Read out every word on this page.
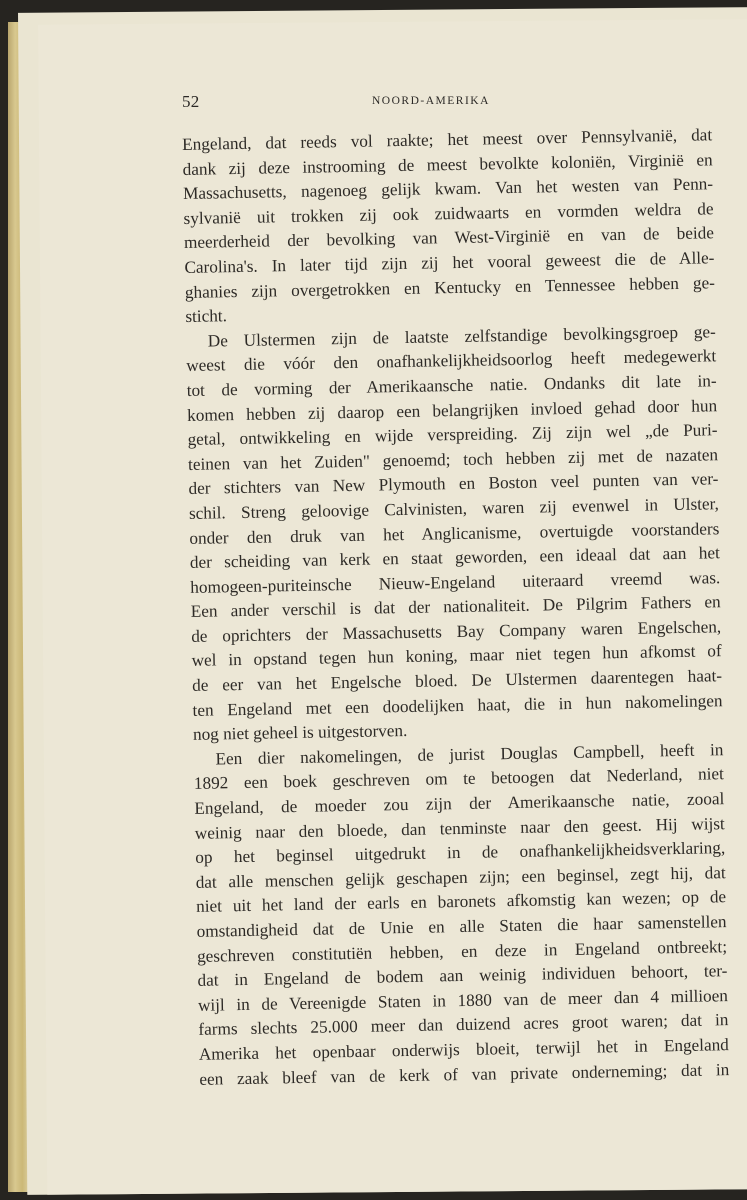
52	NOORD-AMERIKA
Engeland, dat reeds vol raakte; het meest over Pennsylvanië, dat
dank zij deze instrooming de meest bevolkte koloniën, Virginië en
Massachusetts, nagenoeg gelijk kwam. Van het westen van Penn-
sylvanië uit trokken zij ook zuidwaarts en vormden weldra de
meerderheid der bevolking van West-Virginië en van de beide
Carolina's. In later tijd zijn zij het vooral geweest die de Alle-
ghanies zijn overgetrokken en Kentucky en Tennessee hebben ge-
sticht.
De Ulstermen zijn de laatste zelfstandige bevolkingsgroep ge-
weest die vóór den onafhankelijkheidsoorlog heeft medegewerkt
tot de vorming der Amerikaansche natie. Ondanks dit late in-
komen hebben zij daarop een belangrijken invloed gehad door hun
getal, ontwikkeling en wijde verspreiding. Zij zijn wel „de Puri-
teinen van het Zuiden" genoemd; toch hebben zij met de nazaten
der stichters van New Plymouth en Boston veel punten van ver-
schil. Streng geloovige Calvinisten, waren zij evenwel in Ulster,
onder den druk van het Anglicanisme, overtuigde voorstanders
der scheiding van kerk en staat geworden, een ideaal dat aan het
homogeen-puriteinsche Nieuw-Engeland uiteraard vreemd was.
Een ander verschil is dat der nationaliteit. De Pilgrim Fathers en
de oprichters der Massachusetts Bay Company waren Engelschen,
wel in opstand tegen hun koning, maar niet tegen hun afkomst of
de eer van het Engelsche bloed. De Ulstermen daarentegen haat-
ten Engeland met een doodelijken haat, die in hun nakomelingen
nog niet geheel is uitgestorven.
Een dier nakomelingen, de jurist Douglas Campbell, heeft in
1892 een boek geschreven om te betoogen dat Nederland, niet
Engeland, de moeder zou zijn der Amerikaansche natie, zooal
weinig naar den bloede, dan tenminste naar den geest. Hij wijst
op het beginsel uitgedrukt in de onafhankelijkheidsverklaring,
dat alle menschen gelijk geschapen zijn; een beginsel, zegt hij, dat
niet uit het land der earls en baronets afkomstig kan wezen; op de
omstandigheid dat de Unie en alle Staten die haar samenstellen
geschreven constitutiën hebben, en deze in Engeland ontbreekt;
dat in Engeland de bodem aan weinig individuen behoort, ter-
wijl in de Vereenigde Staten in 1880 van de meer dan 4 millioen
farms slechts 25.000 meer dan duizend acres groot waren; dat in
Amerika het openbaar onderwijs bloeit, terwijl het in Engeland
een zaak bleef van de kerk of van private onderneming; dat in
